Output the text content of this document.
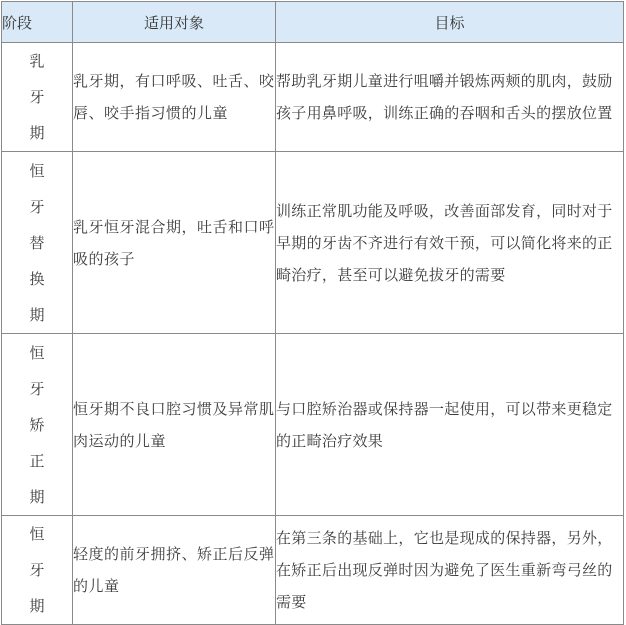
阶段	适用对象	目标

乳
牙
期	乳牙期，有口呼吸、吐舌、咬唇、咬手指习惯的儿童	帮助乳牙期儿童进行咀嚼并锻炼两颊的肌肉，鼓励孩子用鼻呼吸，训练正确的吞咽和舌头的摆放位置

恒
牙
替
换
期	乳牙恒牙混合期，吐舌和口呼吸的孩子	训练正常肌功能及呼吸，改善面部发育，同时对于早期的牙齿不齐进行有效干预，可以简化将来的正畸治疗，甚至可以避免拔牙的需要

恒
牙
矫
正
期	恒牙期不良口腔习惯及异常肌肉运动的儿童	与口腔矫治器或保持器一起使用，可以带来更稳定的正畸治疗效果

恒
牙
期	轻度的前牙拥挤、矫正后反弹的儿童	在第三条的基础上，它也是现成的保持器，另外，在矫正后出现反弹时因为避免了医生重新弯弓丝的需要
